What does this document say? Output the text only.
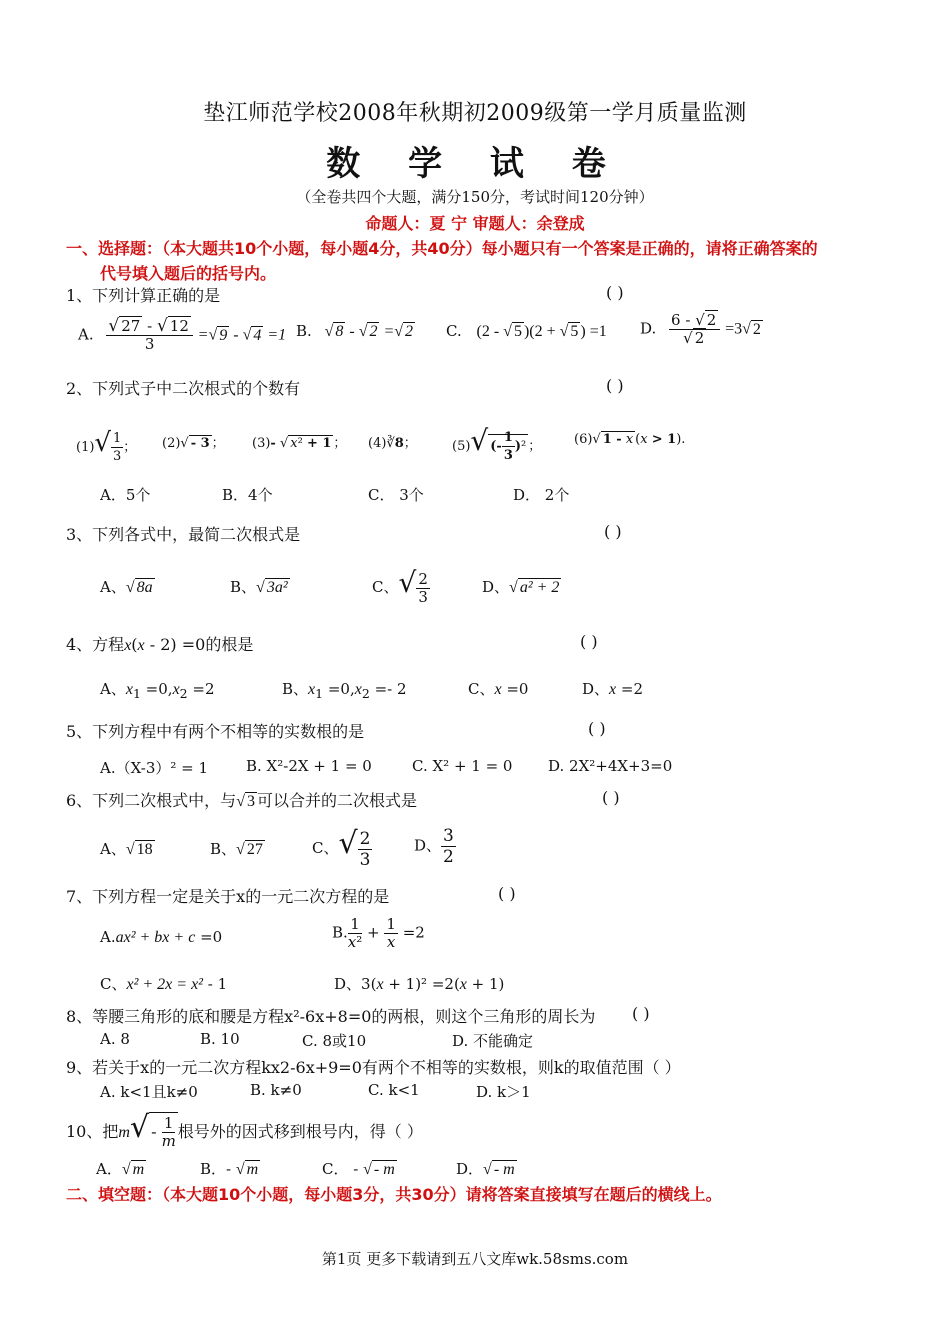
垫江师范学校2008年秋期初2009级第一学月质量监测
数 学 试 卷
（全卷共四个大题，满分150分，考试时间120分钟）
命题人：夏 宁 审题人：余登成
一、选择题：（本大题共10个小题，每小题4分，共40分）每小题只有一个答案是正确的，请将正确答案的
代号填入题后的括号内。
1、下列计算正确的是	( )
A. $\frac{√ 27 - √ 12}{3}$ =√ 9 - √ 4 =1 B. √ 8 - √ 2 =√ 2 C. (2 - √ 5 )(2 + √ 5 ) =1 D. $\frac{6 - √ 2}{√ 2} =3√$ 2
2、下列式子中二次根式的个数有	( )
$(1)√ \frac{1}{3}$ ； (2)√ - 3 ； (3)- √ x² + 1 ； (4)∛8；	(5)√ (- $\frac{1}{3} )^2$ ；	(6)√ 1 - x (x > 1).
A．5个	B．4个	C． 3个	D． 2个
3、下列各式中，最简二次根式是	( )
A、√ 8a	B、√ 3a²	C、√ $\frac{2}{3}$	D、√ a² + 2
4、方程x(x - 2) =0的根是	( )
A、$x_1 =0,x_2 =2$	B、$x_1 =0,x_2 =- 2$	C、x =0	D、x =2
5、下列方程中有两个不相等的实数根的是	( )
A.（X-3）² = 1	B. X²-2X + 1 = 0	C. X² + 1 = 0 D. 2X²+4X+3=0
6、下列二次根式中，与√ 3 可以合并的二次根式是	( )
A、√ 18	B、√ 27	C、√ $\frac{2}{3}$	D、 $\frac{3}{2}$
7、下列方程一定是关于x的一元二次方程的是	( )
A.ax² + bx + c =0	B. $\frac{1}{\text{x²}} + \frac{1}{x} =2$
C、x² + 2x = x² - 1	D、3(x + 1)² =2(x + 1)
8、等腰三角形的底和腰是方程x²-6x+8=0的两根，则这个三角形的周长为 ( )
A. 8	B. 10	C. 8或10	D. 不能确定
9、若关于x的一元二次方程kx2-6x+9=0有两个不相等的实数根，则k的取值范围（ ）
A. k<1且k≠0	B. k≠0	C. k<1	D. k＞1
10、把$m√ - \frac{1}{m}$ 根号外的因式移到根号内，得（ ）
A．√ m	B．- √ m	C． - √ - m	D．√ - m
二、填空题：（本大题10个小题，每小题3分，共30分）请将答案直接填写在题后的横线上。
第1页 更多下载请到五八文库wk.58sms.com
